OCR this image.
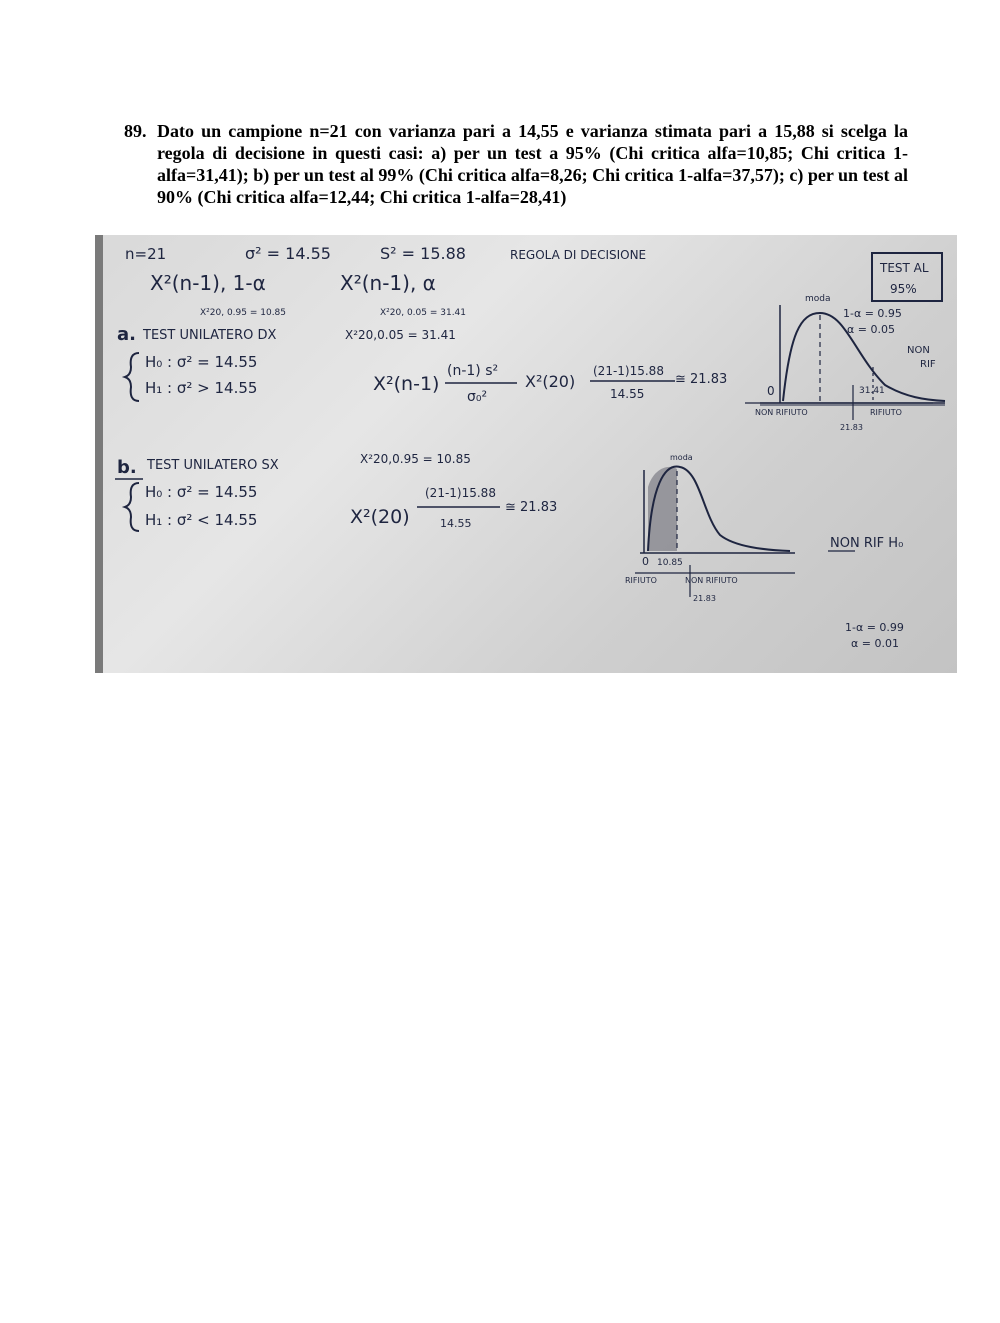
89. Dato un campione n=21 con varianza pari a 14,55 e varianza stimata pari a 15,88 si scelga la regola di decisione in questi casi: a) per un test a 95% (Chi critica alfa=10,85; Chi critica 1-alfa=31,41); b) per un test al 99% (Chi critica alfa=8,26; Chi critica 1-alfa=37,57); c) per un test al 90% (Chi critica alfa=12,44; Chi critica 1-alfa=28,41)
n=21	σ² = 14.55	S² = 15.88	REGOLA DI DECISIONE
X²(n-1), 1-α
X²20, 0.95 = 10.85
X²(n-1), α
X²20, 0.05 = 31.41
TEST AL
95%
a. TEST UNILATERO DX	X²20,0.05 = 31.41
H₀ : σ² = 14.55
H₁ : σ² > 14.55	X²(n-1)
(n-1) s²
σ₀²
X²(20)
(21-1)15.88
14.55
≅ 21.83
moda
1-α = 0.95
α = 0.05
NON
RIF
0	31.41
NON RIFIUTO	RIFIUTO
21.83
b. TEST UNILATERO SX	X²20,0.95 = 10.85
H₀ : σ² = 14.55
H₁ : σ² < 14.55	X²(20)
(21-1)15.88
14.55
≅ 21.83
moda
0 10.85
RIFIUTO	NON RIFIUTO
21.83
NON RIF H₀
1-α = 0.99
α = 0.01
